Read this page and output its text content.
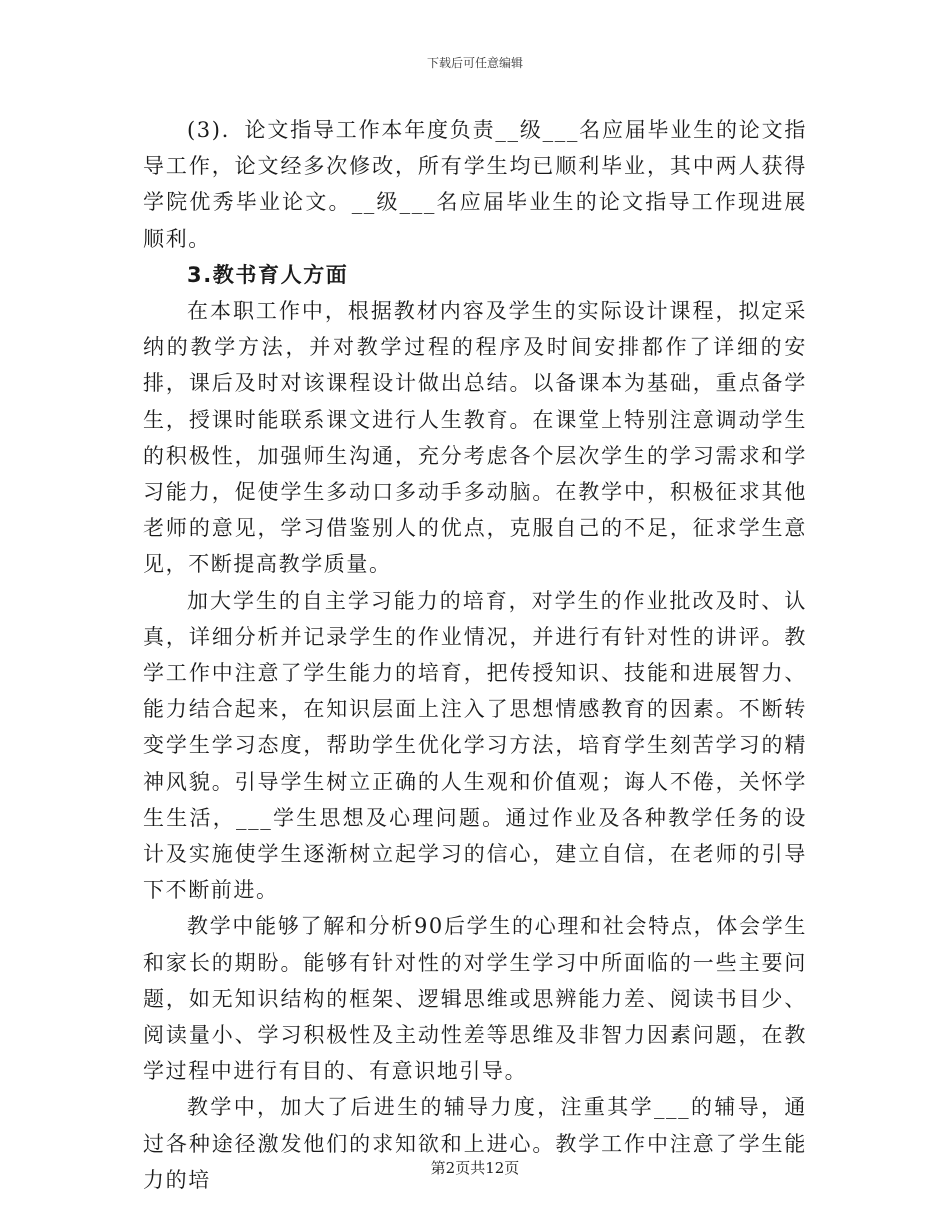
下载后可任意编辑

(3)．论文指导工作本年度负责__级___名应届毕业生的论文指导工作，论文经多次修改，所有学生均已顺利毕业，其中两人获得学院优秀毕业论文。__级___名应届毕业生的论文指导工作现进展顺利。

3.教书育人方面

在本职工作中，根据教材内容及学生的实际设计课程，拟定采纳的教学方法，并对教学过程的程序及时间安排都作了详细的安排，课后及时对该课程设计做出总结。以备课本为基础，重点备学生，授课时能联系课文进行人生教育。在课堂上特别注意调动学生的积极性，加强师生沟通，充分考虑各个层次学生的学习需求和学习能力，促使学生多动口多动手多动脑。在教学中，积极征求其他老师的意见，学习借鉴别人的优点，克服自己的不足，征求学生意见，不断提高教学质量。

加大学生的自主学习能力的培育，对学生的作业批改及时、认真，详细分析并记录学生的作业情况，并进行有针对性的讲评。教学工作中注意了学生能力的培育，把传授知识、技能和进展智力、能力结合起来，在知识层面上注入了思想情感教育的因素。不断转变学生学习态度，帮助学生优化学习方法，培育学生刻苦学习的精神风貌。引导学生树立正确的人生观和价值观；诲人不倦，关怀学生生活，___学生思想及心理问题。通过作业及各种教学任务的设计及实施使学生逐渐树立起学习的信心，建立自信，在老师的引导下不断前进。

教学中能够了解和分析90后学生的心理和社会特点，体会学生和家长的期盼。能够有针对性的对学生学习中所面临的一些主要问题，如无知识结构的框架、逻辑思维或思辨能力差、阅读书目少、阅读量小、学习积极性及主动性差等思维及非智力因素问题，在教学过程中进行有目的、有意识地引导。

教学中，加大了后进生的辅导力度，注重其学___的辅导，通过各种途径激发他们的求知欲和上进心。教学工作中注意了学生能力的培	第2页共12页
